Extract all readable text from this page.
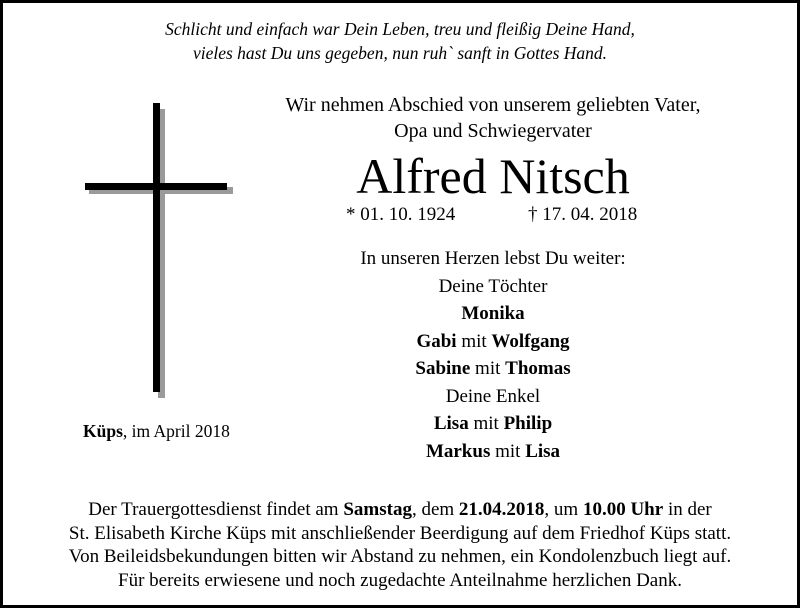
Schlicht und einfach war Dein Leben, treu und fleißig Deine Hand,
vieles hast Du uns gegeben, nun ruh` sanft in Gottes Hand.
Küps, im April 2018
Wir nehmen Abschied von unserem geliebten Vater,
Opa und Schwiegervater
Alfred Nitsch
* 01. 10. 1924	† 17. 04. 2018
In unseren Herzen lebst Du weiter:
Deine Töchter
Monika
Gabi mit Wolfgang
Sabine mit Thomas
Deine Enkel
Lisa mit Philip
Markus mit Lisa
Der Trauergottesdienst findet am Samstag, dem 21.04.2018, um 10.00 Uhr in der
St. Elisabeth Kirche Küps mit anschließender Beerdigung auf dem Friedhof Küps statt.
Von Beileidsbekundungen bitten wir Abstand zu nehmen, ein Kondolenzbuch liegt auf.
Für bereits erwiesene und noch zugedachte Anteilnahme herzlichen Dank.
